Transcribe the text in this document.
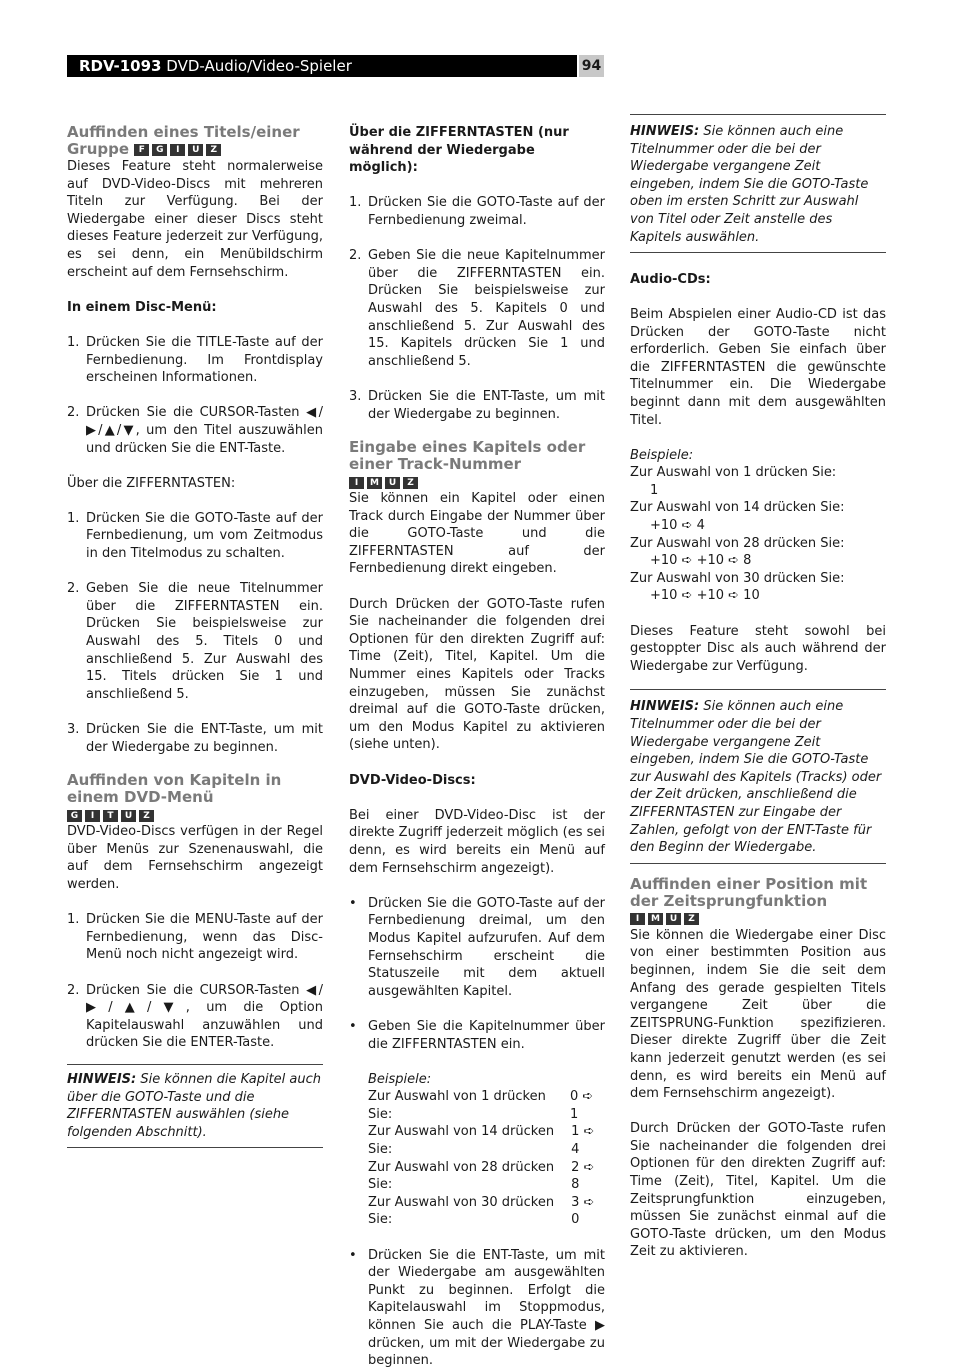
RDV-1093 DVD-Audio/Video-Spieler	94
Auffinden eines Titels/einer
Gruppe	F	G	I	U	Z

Dieses Feature steht normalerweise auf DVD-Video-Discs mit mehreren Titeln zur Verfügung. Bei der Wiedergabe einer dieser Discs steht dieses Feature jederzeit zur Verfügung, es sei denn, ein Menübildschirm erscheint auf dem Fernsehschirm.

In einem Disc-Menü:

1. Drücken Sie die TITLE-Taste auf der Fernbedienung. Im Frontdisplay erscheinen Informationen.
2. Drücken Sie die CURSOR-Tasten ◀/▶/▲/▼, um den Titel auszuwählen und drücken Sie die ENT-Taste.

Über die ZIFFERNTASTEN:

1. Drücken Sie die GOTO-Taste auf der Fernbedienung, um vom Zeitmodus in den Titelmodus zu schalten.
2. Geben Sie die neue Titelnummer über die ZIFFERNTASTEN ein. Drücken Sie beispielsweise zur Auswahl des 5. Titels 0 und anschließend 5. Zur Auswahl des 15. Titels drücken Sie 1 und anschließend 5.
3. Drücken Sie die ENT-Taste, um mit der Wiedergabe zu beginnen.
Auffinden von Kapiteln in
einem DVD-Menü
G	I	T	U	Z

DVD-Video-Discs verfügen in der Regel über Menüs zur Szenenauswahl, die auf dem Fernsehschirm angezeigt werden.

1. Drücken Sie die MENU-Taste auf der Fernbedienung, wenn das Disc-Menü noch nicht angezeigt wird.
2. Drücken Sie die CURSOR-Tasten ◀/▶/▲/▼, um die Option Kapitelauswahl anzuwählen und drücken Sie die ENTER-Taste.

HINWEIS: Sie können die Kapitel auch über die GOTO-Taste und die ZIFFERNTASTEN auswählen (siehe folgenden Abschnitt).

Über die ZIFFERNTASTEN (nur während der Wiedergabe möglich):

1. Drücken Sie die GOTO-Taste auf der Fernbedienung zweimal.
2. Geben Sie die neue Kapitelnummer über die ZIFFERNTASTEN ein. Drücken Sie beispielsweise zur Auswahl des 5. Kapitels 0 und anschließend 5. Zur Auswahl des 15. Kapitels drücken Sie 1 und anschließend 5.
3. Drücken Sie die ENT-Taste, um mit der Wiedergabe zu beginnen.
Eingabe eines Kapitels oder
einer Track-Nummer
I	M	U	Z

Sie können ein Kapitel oder einen Track durch Eingabe der Nummer über die GOTO-Taste und die ZIFFERNTASTEN auf der Fernbedienung direkt eingeben.

Durch Drücken der GOTO-Taste rufen Sie nacheinander die folgenden drei Optionen für den direkten Zugriff auf: Time (Zeit), Titel, Kapitel. Um die Nummer eines Kapitels oder Tracks einzugeben, müssen Sie zunächst dreimal auf die GOTO-Taste drücken, um den Modus Kapitel zu aktivieren (siehe unten).

DVD-Video-Discs:

Bei einer DVD-Video-Disc ist der direkte Zugriff jederzeit möglich (es sei denn, es wird bereits ein Menü auf dem Fernsehschirm angezeigt).

• Drücken Sie die GOTO-Taste auf der Fernbedienung dreimal, um den Modus Kapitel aufzurufen. Auf dem Fernsehschirm erscheint die Statuszeile mit dem aktuell ausgewählten Kapitel.
• Geben Sie die Kapitelnummer über die ZIFFERNTASTEN ein.

Beispiele:

Zur Auswahl von 1 drücken Sie:
0 ➪ 1
Zur Auswahl von 14 drücken Sie:
1 ➪ 4
Zur Auswahl von 28 drücken Sie:
2 ➪ 8
Zur Auswahl von 30 drücken Sie:
3 ➪ 0
• Drücken Sie die ENT-Taste, um mit der Wiedergabe am ausgewählten Punkt zu beginnen. Erfolgt die Kapitelauswahl im Stoppmodus, können Sie auch die PLAY-Taste ▶ drücken, um mit der Wiedergabe zu beginnen.

HINWEIS: Sie können auch eine Titelnummer oder die bei der Wiedergabe vergangene Zeit eingeben, indem Sie die GOTO-Taste oben im ersten Schritt zur Auswahl von Titel oder Zeit anstelle des Kapitels auswählen.

Audio-CDs:

Beim Abspielen einer Audio-CD ist das Drücken der GOTO-Taste nicht erforderlich. Geben Sie einfach über die ZIFFERNTASTEN die gewünschte Titelnummer ein. Die Wiedergabe beginnt dann mit dem ausgewählten Titel.

Beispiele:

Zur Auswahl von 1 drücken Sie:

1

Zur Auswahl von 14 drücken Sie:

+10 ➪ 4

Zur Auswahl von 28 drücken Sie:

+10 ➪ +10 ➪ 8

Zur Auswahl von 30 drücken Sie:

+10 ➪ +10 ➪ 10

Dieses Feature steht sowohl bei gestoppter Disc als auch während der Wiedergabe zur Verfügung.

HINWEIS: Sie können auch eine Titelnummer oder die bei der Wiedergabe vergangene Zeit eingeben, indem Sie die GOTO-Taste zur Auswahl des Kapitels (Tracks) oder der Zeit drücken, anschließend die ZIFFERNTASTEN zur Eingabe der Zahlen, gefolgt von der ENT-Taste für den Beginn der Wiedergabe.

Auffinden einer Position mit
der Zeitsprungfunktion
I	M	U	Z

Sie können die Wiedergabe einer Disc von einer bestimmten Position aus beginnen, indem Sie die seit dem Anfang des gerade gespielten Titels vergangene Zeit über die ZEITSPRUNG-Funktion spezifizieren. Dieser direkte Zugriff über die Zeit kann jederzeit genutzt werden (es sei denn, es wird bereits ein Menü auf dem Fernsehschirm angezeigt).

Durch Drücken der GOTO-Taste rufen Sie nacheinander die folgenden drei Optionen für den direkten Zugriff auf: Time (Zeit), Titel, Kapitel. Um die Zeitsprungfunktion einzugeben, müssen Sie zunächst einmal auf die GOTO-Taste drücken, um den Modus Zeit zu aktivieren.
